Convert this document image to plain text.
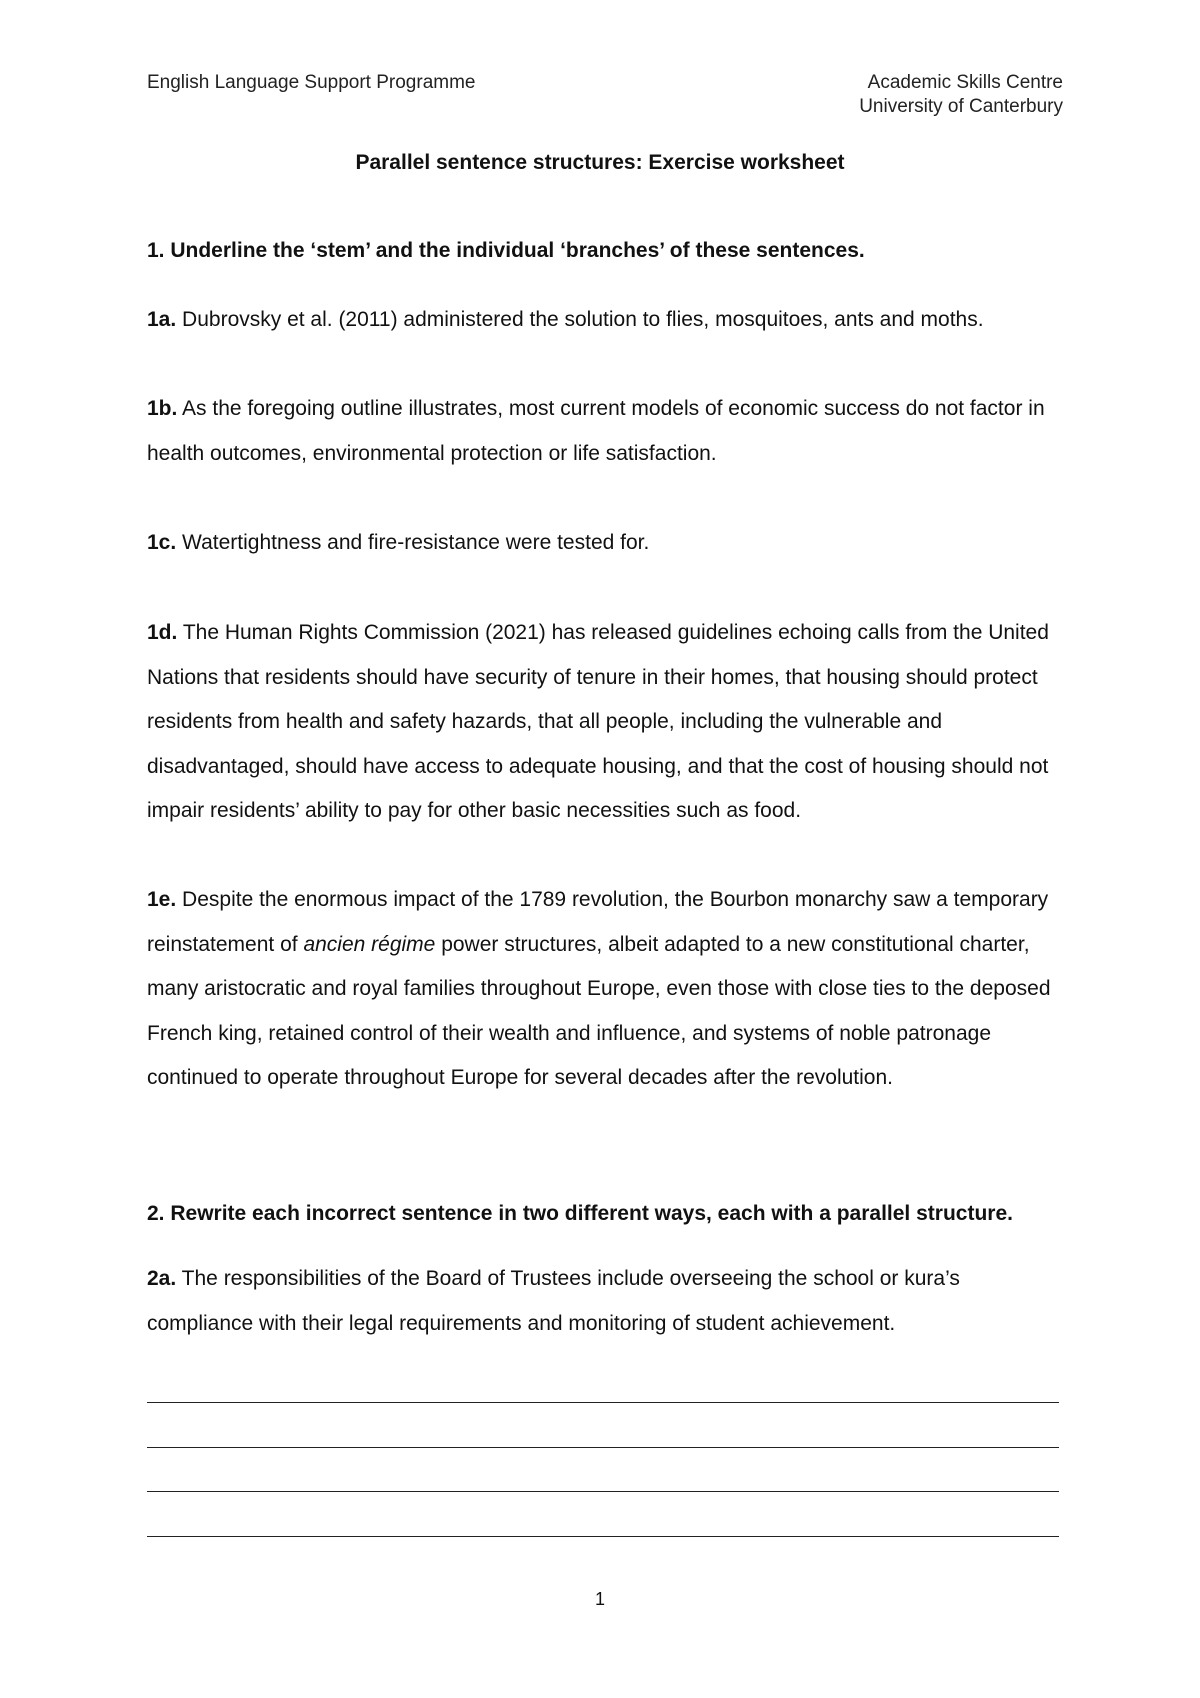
English Language Support Programme	Academic Skills Centre
University of Canterbury
Parallel sentence structures: Exercise worksheet
1. Underline the ‘stem’ and the individual ‘branches’ of these sentences.
1a. Dubrovsky et al. (2011) administered the solution to flies, mosquitoes, ants and moths.
1b. As the foregoing outline illustrates, most current models of economic success do not factor in health outcomes, environmental protection or life satisfaction.
1c. Watertightness and fire-resistance were tested for.
1d. The Human Rights Commission (2021) has released guidelines echoing calls from the United Nations that residents should have security of tenure in their homes, that housing should protect residents from health and safety hazards, that all people, including the vulnerable and disadvantaged, should have access to adequate housing, and that the cost of housing should not impair residents’ ability to pay for other basic necessities such as food.
1e. Despite the enormous impact of the 1789 revolution, the Bourbon monarchy saw a temporary reinstatement of ancien régime power structures, albeit adapted to a new constitutional charter, many aristocratic and royal families throughout Europe, even those with close ties to the deposed French king, retained control of their wealth and influence, and systems of noble patronage continued to operate throughout Europe for several decades after the revolution.
2. Rewrite each incorrect sentence in two different ways, each with a parallel structure.
2a. The responsibilities of the Board of Trustees include overseeing the school or kura’s compliance with their legal requirements and monitoring of student achievement.
1
